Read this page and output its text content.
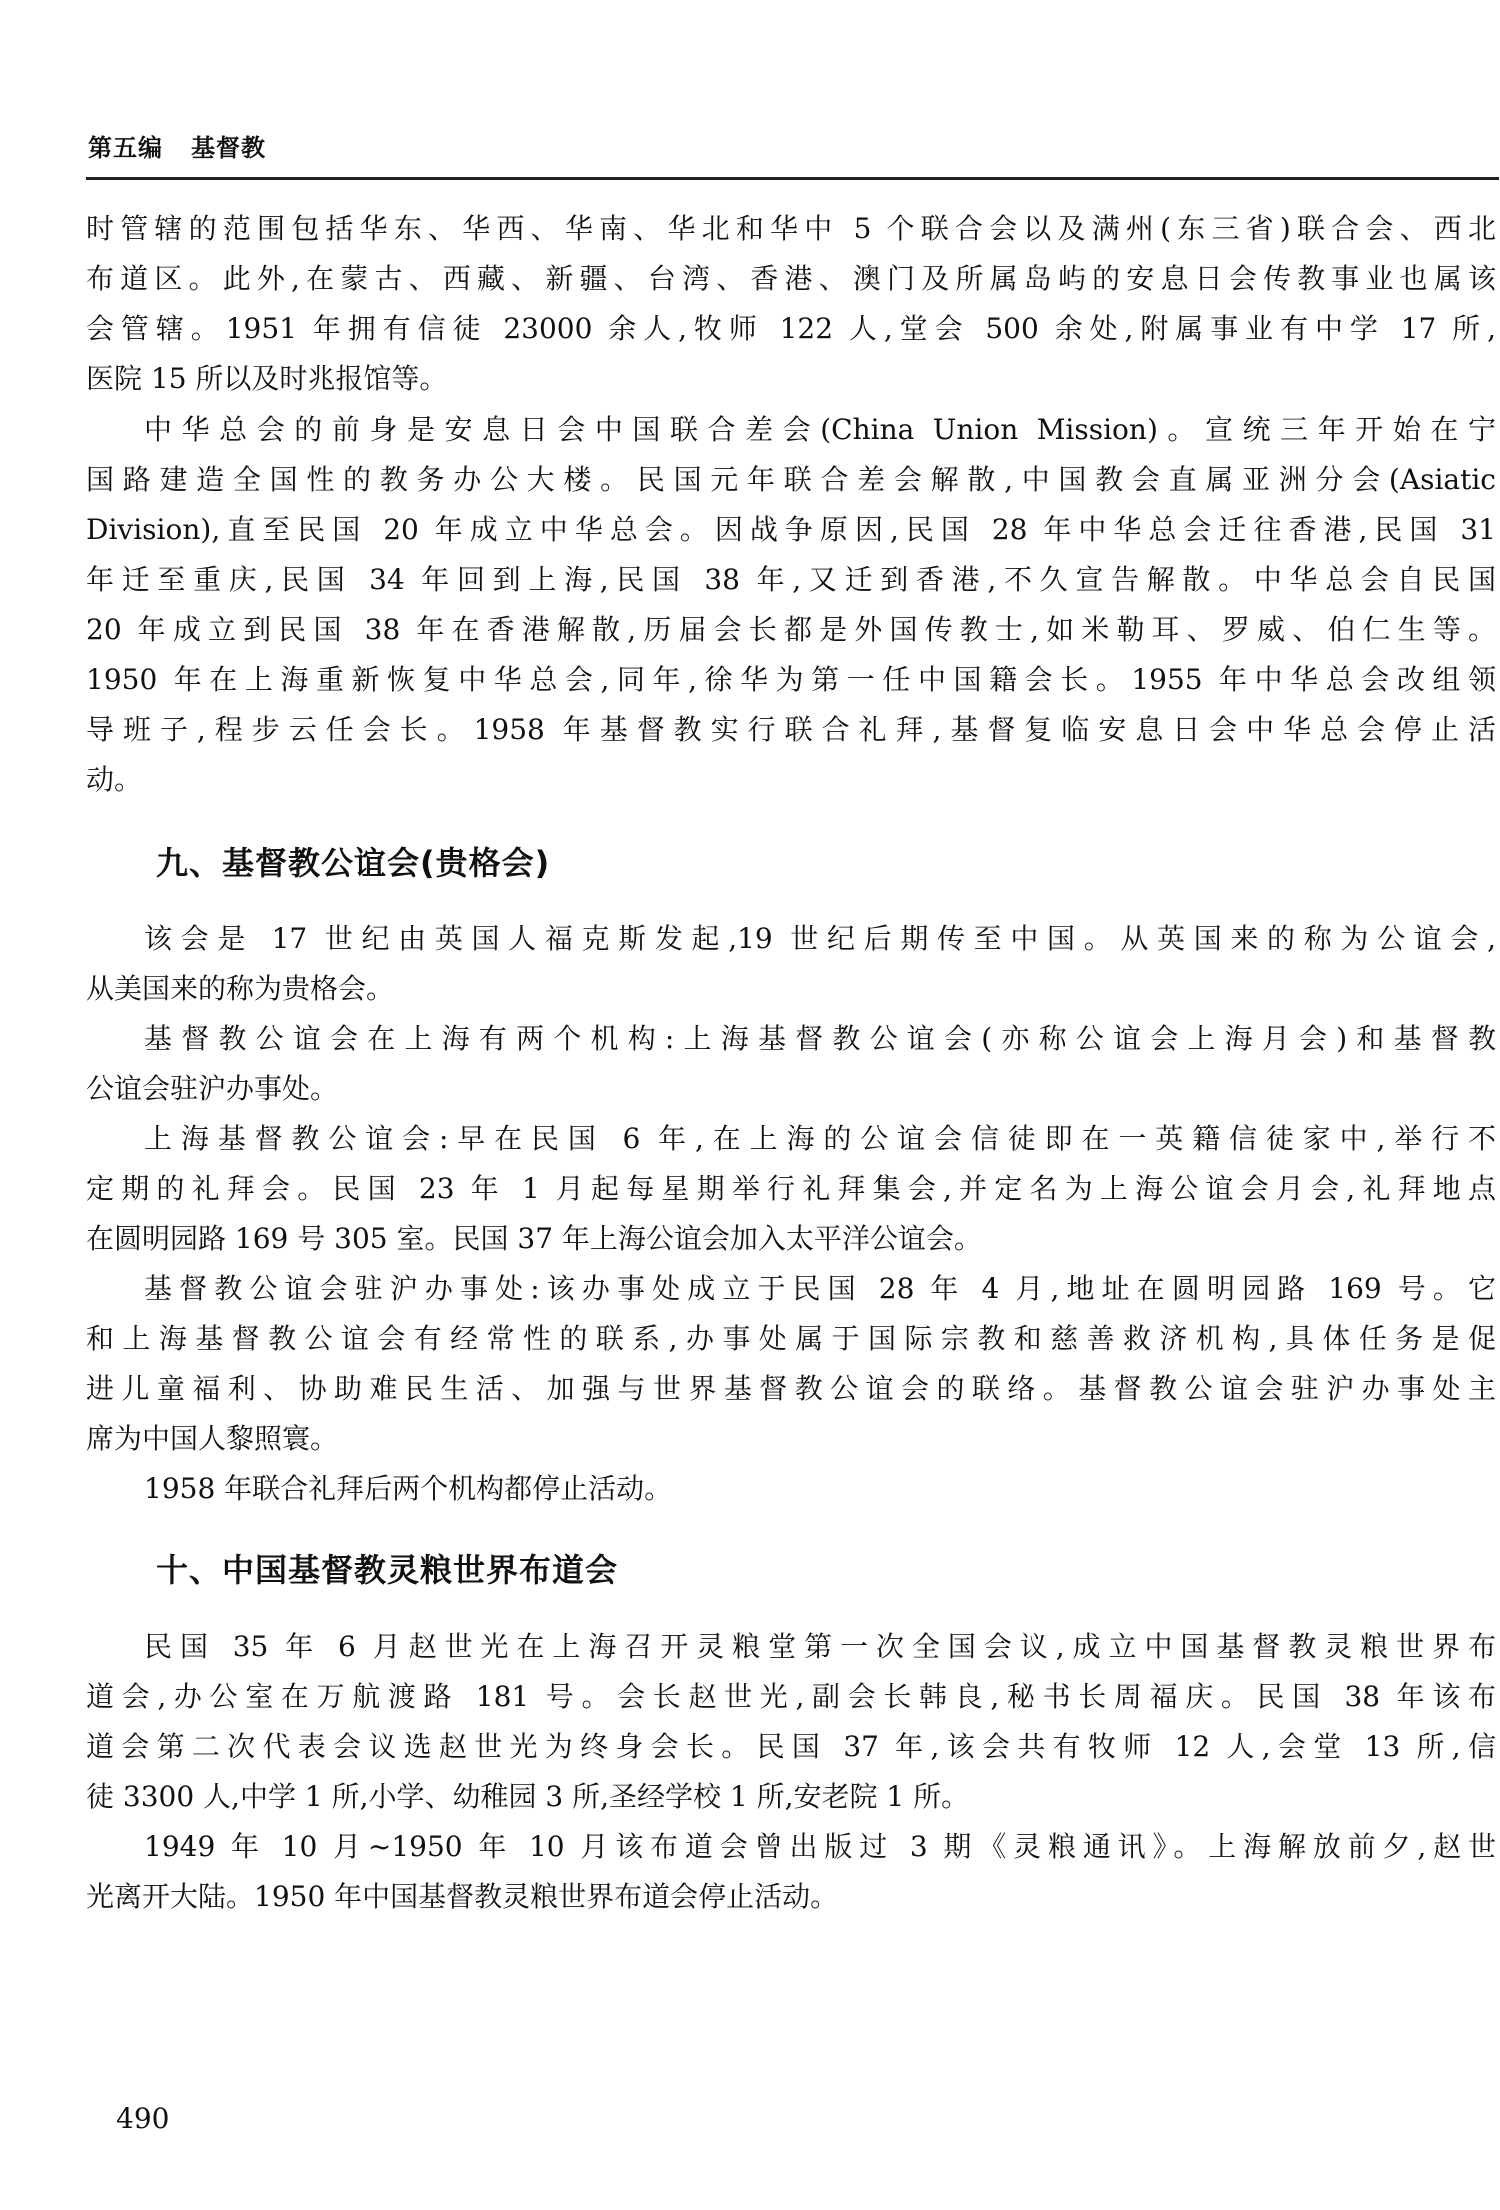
第五编 基督教
时管辖的范围包括华东、华西、华南、华北和华中 5 个联合会以及满州(东三省)联合会、西北
布道区。此外,在蒙古、西藏、新疆、台湾、香港、澳门及所属岛屿的安息日会传教事业也属该
会管辖。1951 年拥有信徒 23000 余人,牧师 122 人,堂会 500 余处,附属事业有中学 17 所,
医院 15 所以及时兆报馆等。
中华总会的前身是安息日会中国联合差会(China Union Mission)。宣统三年开始在宁
国路建造全国性的教务办公大楼。民国元年联合差会解散,中国教会直属亚洲分会(Asiatic
Division),直至民国 20 年成立中华总会。因战争原因,民国 28 年中华总会迁往香港,民国 31
年迁至重庆,民国 34 年回到上海,民国 38 年,又迁到香港,不久宣告解散。中华总会自民国
20 年成立到民国 38 年在香港解散,历届会长都是外国传教士,如米勒耳、罗威、伯仁生等。
1950 年在上海重新恢复中华总会,同年,徐华为第一任中国籍会长。1955 年中华总会改组领
导班子,程步云任会长。1958 年基督教实行联合礼拜,基督复临安息日会中华总会停止活
动。
九、基督教公谊会(贵格会)
该会是 17 世纪由英国人福克斯发起,19 世纪后期传至中国。从英国来的称为公谊会,
从美国来的称为贵格会。
基督教公谊会在上海有两个机构:上海基督教公谊会(亦称公谊会上海月会)和基督教
公谊会驻沪办事处。
上海基督教公谊会:早在民国 6 年,在上海的公谊会信徒即在一英籍信徒家中,举行不
定期的礼拜会。民国 23 年 1 月起每星期举行礼拜集会,并定名为上海公谊会月会,礼拜地点
在圆明园路 169 号 305 室。民国 37 年上海公谊会加入太平洋公谊会。
基督教公谊会驻沪办事处:该办事处成立于民国 28 年 4 月,地址在圆明园路 169 号。它
和上海基督教公谊会有经常性的联系,办事处属于国际宗教和慈善救济机构,具体任务是促
进儿童福利、协助难民生活、加强与世界基督教公谊会的联络。基督教公谊会驻沪办事处主
席为中国人黎照寰。
1958 年联合礼拜后两个机构都停止活动。
十、中国基督教灵粮世界布道会
民国 35 年 6 月赵世光在上海召开灵粮堂第一次全国会议,成立中国基督教灵粮世界布
道会,办公室在万航渡路 181 号。会长赵世光,副会长韩良,秘书长周福庆。民国 38 年该布
道会第二次代表会议选赵世光为终身会长。民国 37 年,该会共有牧师 12 人,会堂 13 所,信
徒 3300 人,中学 1 所,小学、幼稚园 3 所,圣经学校 1 所,安老院 1 所。
1949 年 10 月~1950 年 10 月该布道会曾出版过 3 期《灵粮通讯》。上海解放前夕,赵世
光离开大陆。1950 年中国基督教灵粮世界布道会停止活动。
490
